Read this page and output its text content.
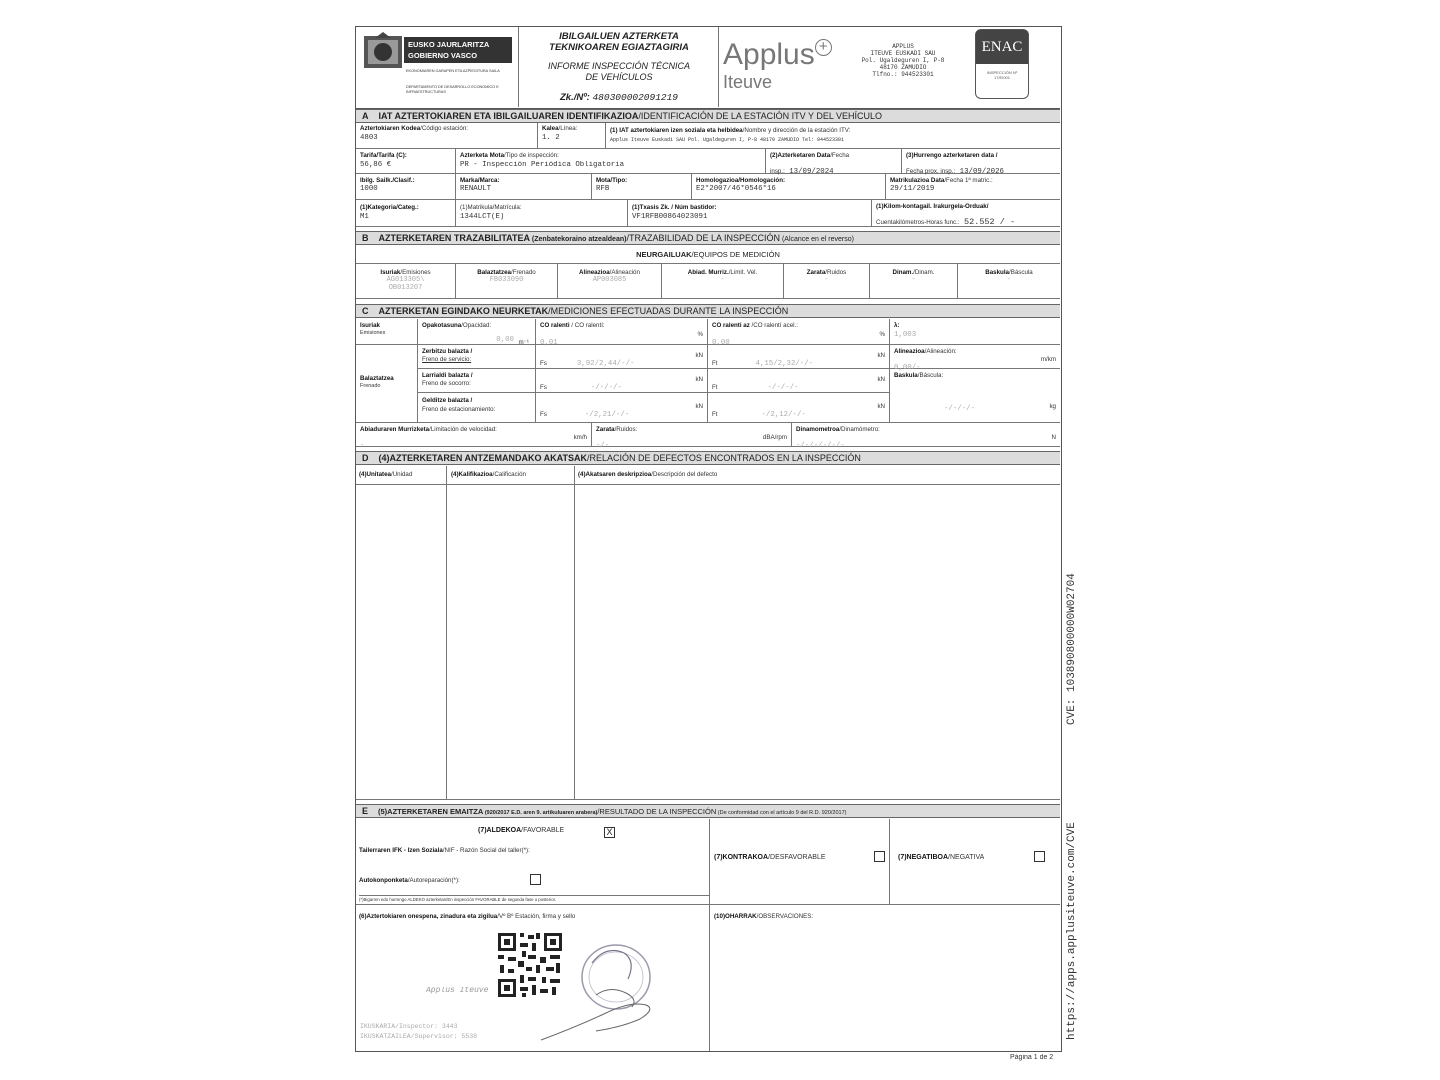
CVE: 103890800000W02704
https://apps.applusiteuve.com/CVE
EUSKO JAURLARITZA
GOBIERNO VASCO
EKONOMIAREN GARAPEN ETA AZPIEGITURA SAILA
DEPARTAMENTO DE DESARROLLO ECONÓMICO E INFRAESTRUCTURAS
IBILGAILUEN AZTERKETA
TEKNIKOAREN EGIAZTAGIRIA
INFORME INSPECCIÓN TÉCNICA
DE VEHÍCULOS
Zk./Nº: 480300002091219
Applus +
Iteuve
APPLUS
ITEUVE EUSKADI SAU
Pol. Ugaldeguren I, P-8
48170 ZAMUDIO
Tlfno.: 944523301
ENAC
INSPECCIÓN Nº 17/EI001
A IAT AZTERTOKIAREN ETA IBILGAILUAREN IDENTIFIKAZIOA/IDENTIFICACIÓN DE LA ESTACIÓN ITV Y DEL VEHÍCULO
Aztertokiaren Kodea/Código estación:
4803
Kalea/Línea:
1. 2
(1) IAT aztertokiaren izen soziala eta helbidea/Nombre y dirección de la estación ITV:
Applus Iteuve Euskadi SAU Pol. Ugaldeguren I, P-8 48170 ZAMUDIO Tel: 944523301
Tarifa/Tarifa (C):
56,86 €
Azterketa Mota/Tipo de inspección:
PR - Inspección Periódica Obligatoria
(2)Azterketaren Data/Fecha
insp.: 13/09/2024
(3)Hurrengo azterketaren data /
Fecha prox. insp.: 13/09/2026
Ibilg. Sailk./Clasif.:
1000
Marka/Marca:
RENAULT
Mota/Tipo:
RFB
Homologazioa/Homologación:
E2*2007/46*0546*16
Matrikulazioa Data/Fecha 1ª matric.:
29/11/2019
(1)Kategoria/Categ.:
M1
(1)Matrikula/Matrícula:
1344LCT(E)
(1)Txasis Zk. / Núm bastidor:
VF1RFB00864023091
(1)Kilom-kontagail. Irakurgela-Orduak/
Cuentakilómetros-Horas func.: 52.552 / -
B AZTERKETAREN TRAZABILITATEA (Zenbatekoraino atzealdean)/TRAZABILIDAD DE LA INSPECCIÓN (Alcance en el reverso)
NEURGAILUAK/EQUIPOS DE MEDICIÓN
Isuriak/Emisiones
AG013305\
OB013207
Balaztatzea/Frenado
FB033090
Alineazioa/Alineación
AP003085
Abiad. Murriz./Limit. Vel.
-
Zarata/Ruidos
-
Dinam./Dinam.
-
Baskula/Báscula
-
C AZTERKETAN EGINDAKO NEURKETAK/MEDICIONES EFECTUADAS DURANTE LA INSPECCIÓN
Isuriak
Emisiones
Opakotasuna/Opacidad:
0,00 m⁻¹
CO ralenti / CO ralentí:
0,01
%
CO ralenti az /CO ralentí acel.:
0,00
%
λ:
1,003
Balaztatzea
Frenado
Zerbitzu balazta /
Freno de servicio:
Fs	3,92/2,44/-/-
kN
Ft	4,15/2,32/-/-
kN
Alineazioa/Alineación:
0,00/-
m/km
Larrialdi balazta /
Freno de socorro:
Fs	-/-/-/-
kN
Ft	-/-/-/-
kN
Gelditze balazta /
Freno de estacionamiento:
Fs	-/2,21/-/-
kN
Ft	-/2,12/-/-
kN
Baskula/Báscula:
-/-/-/-	kg
Abiaduraren Murrizketa/Limitación de velocidad:
-
km/h
Zarata/Ruidos:
-/-
dBA/rpm
Dinamometroa/Dinamómetro:
-/-/-/-/-/-
N
D (4)AZTERKETAREN ANTZEMANDAKO AKATSAK/RELACIÓN DE DEFECTOS ENCONTRADOS EN LA INSPECCIÓN
(4)Unitatea/Unidad	(4)Kalifikazioa/Calificación	(4)Akatsaren deskripzioa/Descripción del defecto
E (5)AZTERKETAREN EMAITZA (920/2017 E.D. aren 9. artikuluaren arabera)/RESULTADO DE LA INSPECCIÓN (De conformidad con el artículo 9 del R.D. 920/2017)
(7)ALDEKOA/FAVORABLE	X
Tailerraren IFK - Izen Soziala/NIF - Razón Social del taller(*):
Autokonponketa/Autoreparación(*):
(*)Bigarren edo hurrengo ALDEKO azterketan/En inspección FAVORABLE de segunda fase o posterior.
(7)KONTRAKOA/DESFAVORABLE	(7)NEGATIBOA/NEGATIVA
(6)Aztertokiaren onespena, zinadura eta zigilua/Vº Bº Estación, firma y sello
Applus Iteuve
IKUSKARIA/Inspector: 3443
IKUSKATZAILEA/Supervisor: 5538
(10)OHARRAK/OBSERVACIONES:
Página 1 de 2
